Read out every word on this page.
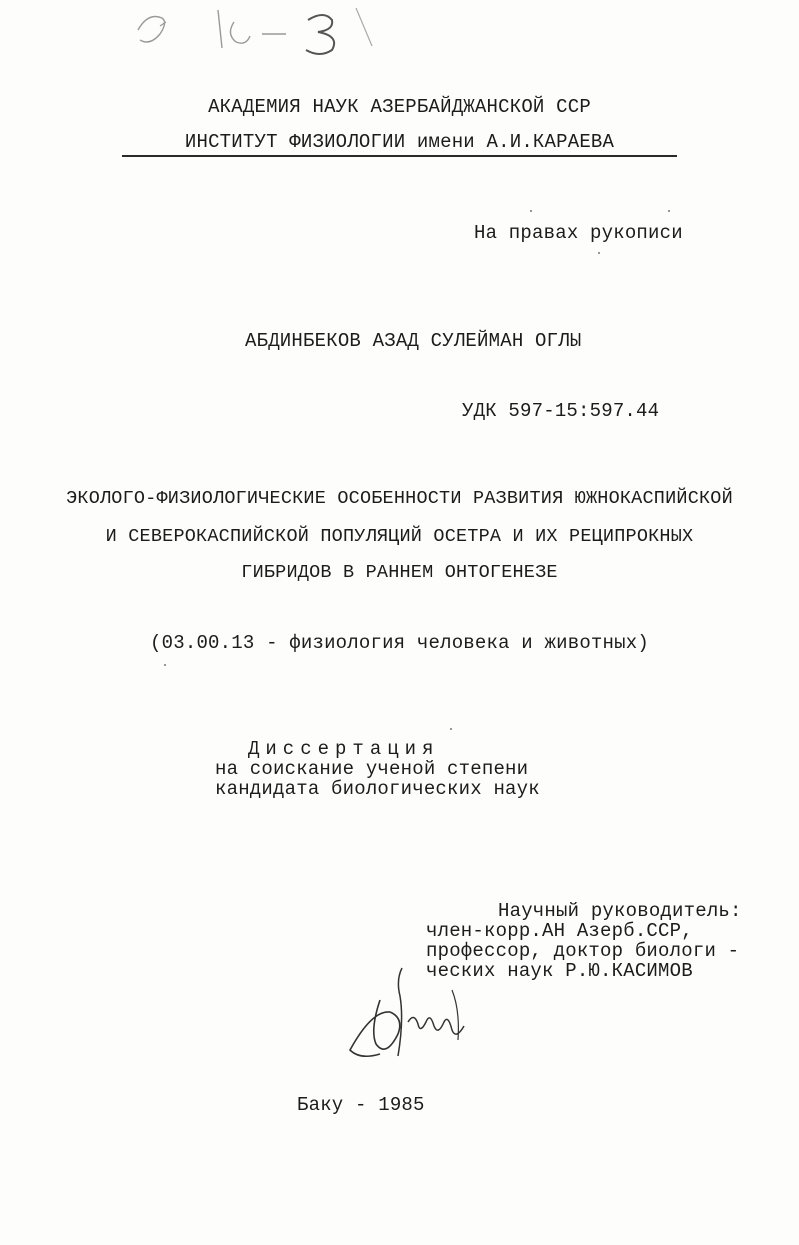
АКАДЕМИЯ НАУК АЗЕРБАЙДЖАНСКОЙ ССР
ИНСТИТУТ ФИЗИОЛОГИИ имени А.И.КАРАЕВА
На правах рукописи
АБДИНБЕКОВ АЗАД СУЛЕЙМАН ОГЛЫ
УДК 597-15:597.44
ЭКОЛОГО-ФИЗИОЛОГИЧЕСКИЕ ОСОБЕННОСТИ РАЗВИТИЯ ЮЖНОКАСПИЙСКОЙ
И СЕВЕРОКАСПИЙСКОЙ ПОПУЛЯЦИЙ ОСЕТРА И ИХ РЕЦИПРОКНЫХ
ГИБРИДОВ В РАННЕМ ОНТОГЕНЕЗЕ
(03.00.13 - физиология человека и животных)
Диссертация
на соискание ученой степени
кандидата биологических наук
Научный руководитель:
член-корр.АН Азерб.ССР,
профессор, доктор биологи -
ческих наук Р.Ю.КАСИМОВ
Баку - 1985
